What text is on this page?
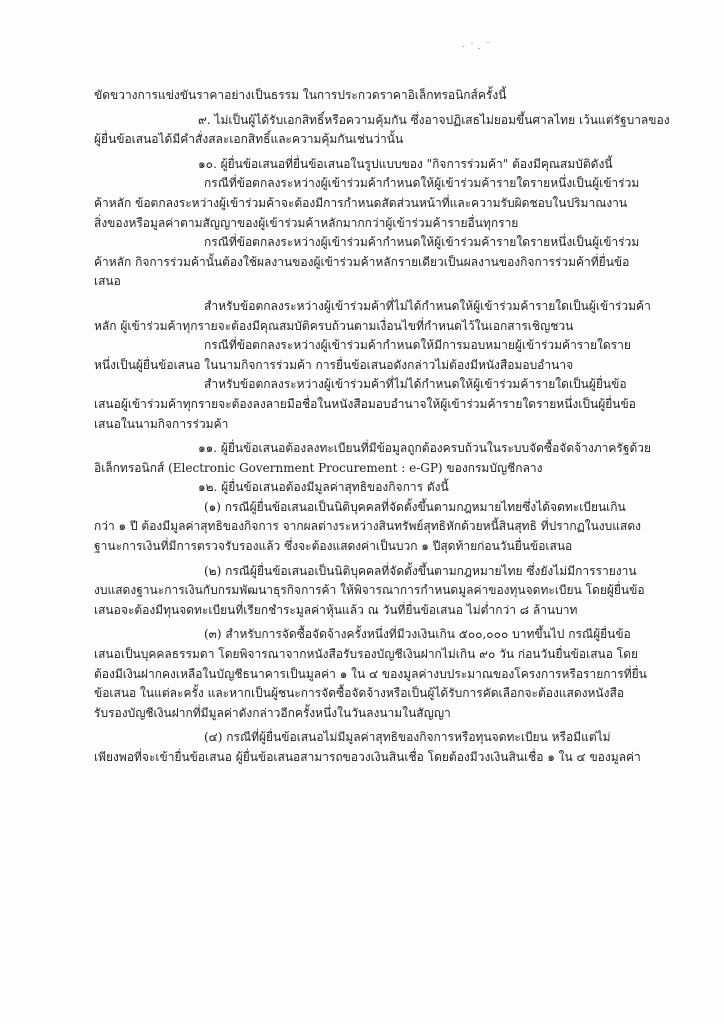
ขัดขวางการแข่งขันราคาอย่างเป็นธรรม ในการประกวดราคาอิเล็กทรอนิกส์ครั้งนี้

๙. ไม่เป็นผู้ได้รับเอกสิทธิ์หรือความคุ้มกัน ซึ่งอาจปฏิเสธไม่ยอมขึ้นศาลไทย เว้นแต่รัฐบาลของ

ผู้ยื่นข้อเสนอได้มีคำสั่งสละเอกสิทธิ์และความคุ้มกันเช่นว่านั้น

๑๐. ผู้ยื่นข้อเสนอที่ยื่นข้อเสนอในรูปแบบของ "กิจการร่วมค้า" ต้องมีคุณสมบัติดังนี้

กรณีที่ข้อตกลงระหว่างผู้เข้าร่วมค้ากำหนดให้ผู้เข้าร่วมค้ารายใดรายหนึ่งเป็นผู้เข้าร่วม

ค้าหลัก ข้อตกลงระหว่างผู้เข้าร่วมค้าจะต้องมีการกำหนดสัดส่วนหน้าที่และความรับผิดชอบในปริมาณงาน

สิ่งของหรือมูลค่าตามสัญญาของผู้เข้าร่วมค้าหลักมากกว่าผู้เข้าร่วมค้ารายอื่นทุกราย

กรณีที่ข้อตกลงระหว่างผู้เข้าร่วมค้ากำหนดให้ผู้เข้าร่วมค้ารายใดรายหนึ่งเป็นผู้เข้าร่วม

ค้าหลัก กิจการร่วมค้านั้นต้องใช้ผลงานของผู้เข้าร่วมค้าหลักรายเดียวเป็นผลงานของกิจการร่วมค้าที่ยื่นข้อ

เสนอ

สำหรับข้อตกลงระหว่างผู้เข้าร่วมค้าที่ไม่ได้กำหนดให้ผู้เข้าร่วมค้ารายใดเป็นผู้เข้าร่วมค้า

หลัก ผู้เข้าร่วมค้าทุกรายจะต้องมีคุณสมบัติครบถ้วนตามเงื่อนไขที่กำหนดไว้ในเอกสารเชิญชวน

กรณีที่ข้อตกลงระหว่างผู้เข้าร่วมค้ากำหนดให้มีการมอบหมายผู้เข้าร่วมค้ารายใดราย

หนึ่งเป็นผู้ยื่นข้อเสนอ ในนามกิจการร่วมค้า การยื่นข้อเสนอดังกล่าวไม่ต้องมีหนังสือมอบอำนาจ

สำหรับข้อตกลงระหว่างผู้เข้าร่วมค้าที่ไม่ได้กำหนดให้ผู้เข้าร่วมค้ารายใดเป็นผู้ยื่นข้อ

เสนอผู้เข้าร่วมค้าทุกรายจะต้องลงลายมือชื่อในหนังสือมอบอำนาจให้ผู้เข้าร่วมค้ารายใดรายหนึ่งเป็นผู้ยื่นข้อ

เสนอในนามกิจการร่วมค้า

๑๑. ผู้ยื่นข้อเสนอต้องลงทะเบียนที่มีข้อมูลถูกต้องครบถ้วนในระบบจัดซื้อจัดจ้างภาครัฐด้วย

อิเล็กทรอนิกส์ (Electronic Government Procurement : e-GP) ของกรมบัญชีกลาง

๑๒. ผู้ยื่นข้อเสนอต้องมีมูลค่าสุทธิของกิจการ ดังนี้

(๑) กรณีผู้ยื่นข้อเสนอเป็นนิติบุคคลที่จัดตั้งขึ้นตามกฎหมายไทยซึ่งได้จดทะเบียนเกิน

กว่า ๑ ปี ต้องมีมูลค่าสุทธิของกิจการ จากผลต่างระหว่างสินทรัพย์สุทธิหักด้วยหนี้สินสุทธิ ที่ปรากฏในงบแสดง

ฐานะการเงินที่มีการตรวจรับรองแล้ว ซึ่งจะต้องแสดงค่าเป็นบวก ๑ ปีสุดท้ายก่อนวันยื่นข้อเสนอ

(๒) กรณีผู้ยื่นข้อเสนอเป็นนิติบุคคลที่จัดตั้งขึ้นตามกฎหมายไทย ซึ่งยังไม่มีการรายงาน

งบแสดงฐานะการเงินกับกรมพัฒนาธุรกิจการค้า ให้พิจารณาการกำหนดมูลค่าของทุนจดทะเบียน โดยผู้ยื่นข้อ

เสนอจะต้องมีทุนจดทะเบียนที่เรียกชำระมูลค่าหุ้นแล้ว ณ วันที่ยื่นข้อเสนอ ไม่ต่ำกว่า ๘ ล้านบาท

(๓) สำหรับการจัดซื้อจัดจ้างครั้งหนึ่งที่มีวงเงินเกิน ๕๐๐,๐๐๐ บาทขึ้นไป กรณีผู้ยื่นข้อ

เสนอเป็นบุคคลธรรมดา โดยพิจารณาจากหนังสือรับรองบัญชีเงินฝากไม่เกิน ๙๐ วัน ก่อนวันยื่นข้อเสนอ โดย

ต้องมีเงินฝากคงเหลือในบัญชีธนาคารเป็นมูลค่า ๑ ใน ๔ ของมูลค่างบประมาณของโครงการหรือรายการที่ยื่น

ข้อเสนอ ในแต่ละครั้ง และหากเป็นผู้ชนะการจัดซื้อจัดจ้างหรือเป็นผู้ได้รับการคัดเลือกจะต้องแสดงหนังสือ

รับรองบัญชีเงินฝากที่มีมูลค่าดังกล่าวอีกครั้งหนึ่งในวันลงนามในสัญญา

(๔) กรณีที่ผู้ยื่นข้อเสนอไม่มีมูลค่าสุทธิของกิจการหรือทุนจดทะเบียน หรือมีแต่ไม่

เพียงพอที่จะเข้ายื่นข้อเสนอ ผู้ยื่นข้อเสนอสามารถขอวงเงินสินเชื่อ โดยต้องมีวงเงินสินเชื่อ ๑ ใน ๔ ของมูลค่า
